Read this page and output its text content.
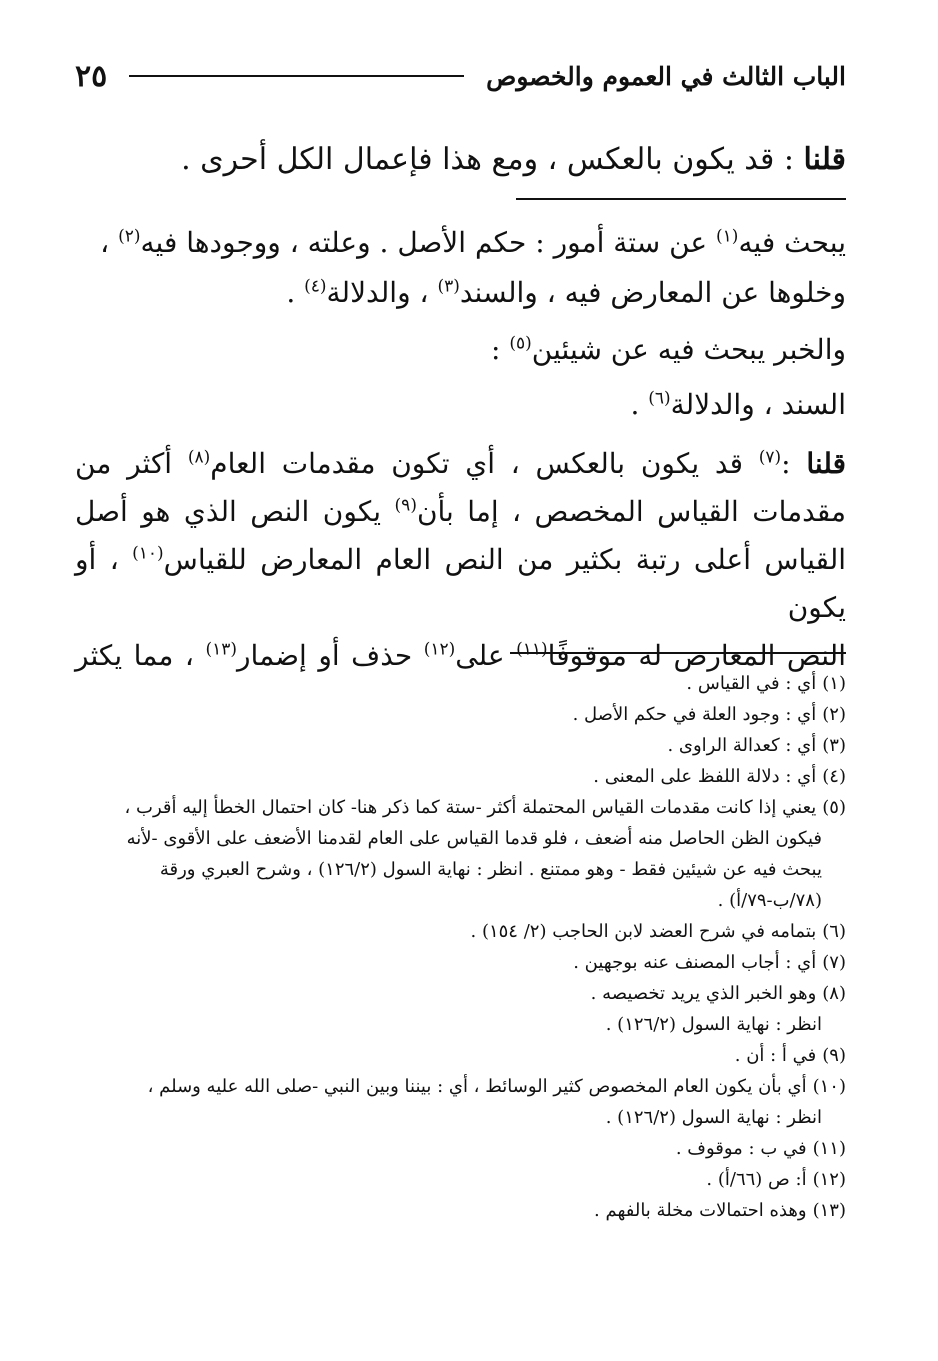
الباب الثالث في العموم والخصوص
٢٥
قلنا : قد يكون بالعكس ، ومع هذا فإعمال الكل أحرى .

يبحث فيه$^{(١)}$ عن ستة أمور : حكم الأصل . وعلته ، ووجودها فيه$^{(٢)}$ ،

وخلوها عن المعارض فيه ، والسند$^{(٣)}$ ، والدلالة$^{(٤)}$ .

والخبر يبحث فيه عن شيئين$^{(٥)}$ :

السند ، والدلالة$^{(٦)}$ .

قلنا :$^{(٧)}$ قد يكون بالعكس ، أي تكون مقدمات العام$^{(٨)}$ أكثر من

مقدمات القياس المخصص ، إما بأن$^{(٩)}$ يكون النص الذي هو أصل

القياس أعلى رتبة بكثير من النص العام المعارض للقياس$^{(١٠)}$ ، أو يكون

النص المعارض له موقوفًا$^{(١١)}$ على$^{(١٢)}$ حذف أو إضمار$^{(١٣)}$ ، مما يكثر

(١)أي : في القياس .

(٢)أي : وجود العلة في حكم الأصل .

(٣)أي : كعدالة الراوى .

(٤)أي : دلالة اللفظ على المعنى .

(٥)يعني إذا كانت مقدمات القياس المحتملة أكثر -ستة كما ذكر هنا- كان احتمال الخطأ إليه أقرب ،
فيكون الظن الحاصل منه أضعف ، فلو قدما القياس على العام لقدمنا الأضعف على الأقوى -لأنه
يبحث فيه عن شيئين فقط - وهو ممتنع . انظر : نهاية السول (١٢٦/٢) ، وشرح العبري ورقة
(٧٨/ب-٧٩/أ) .

(٦)بتمامه في شرح العضد لابن الحاجب (٢/ ١٥٤) .

(٧)أي : أجاب المصنف عنه بوجهين .

(٨)وهو الخبر الذي يريد تخصيصه .
انظر : نهاية السول (١٢٦/٢) .

(٩)في أ : أن .

(١٠)أي بأن يكون العام المخصوص كثير الوسائط ، أي : بيننا وبين النبي -صلى الله عليه وسلم ،
انظر : نهاية السول (١٢٦/٢) .

(١١)في ب : موقوف .

(١٢)أ: ص (٦٦/أ) .

(١٣)وهذه احتمالات مخلة بالفهم .
